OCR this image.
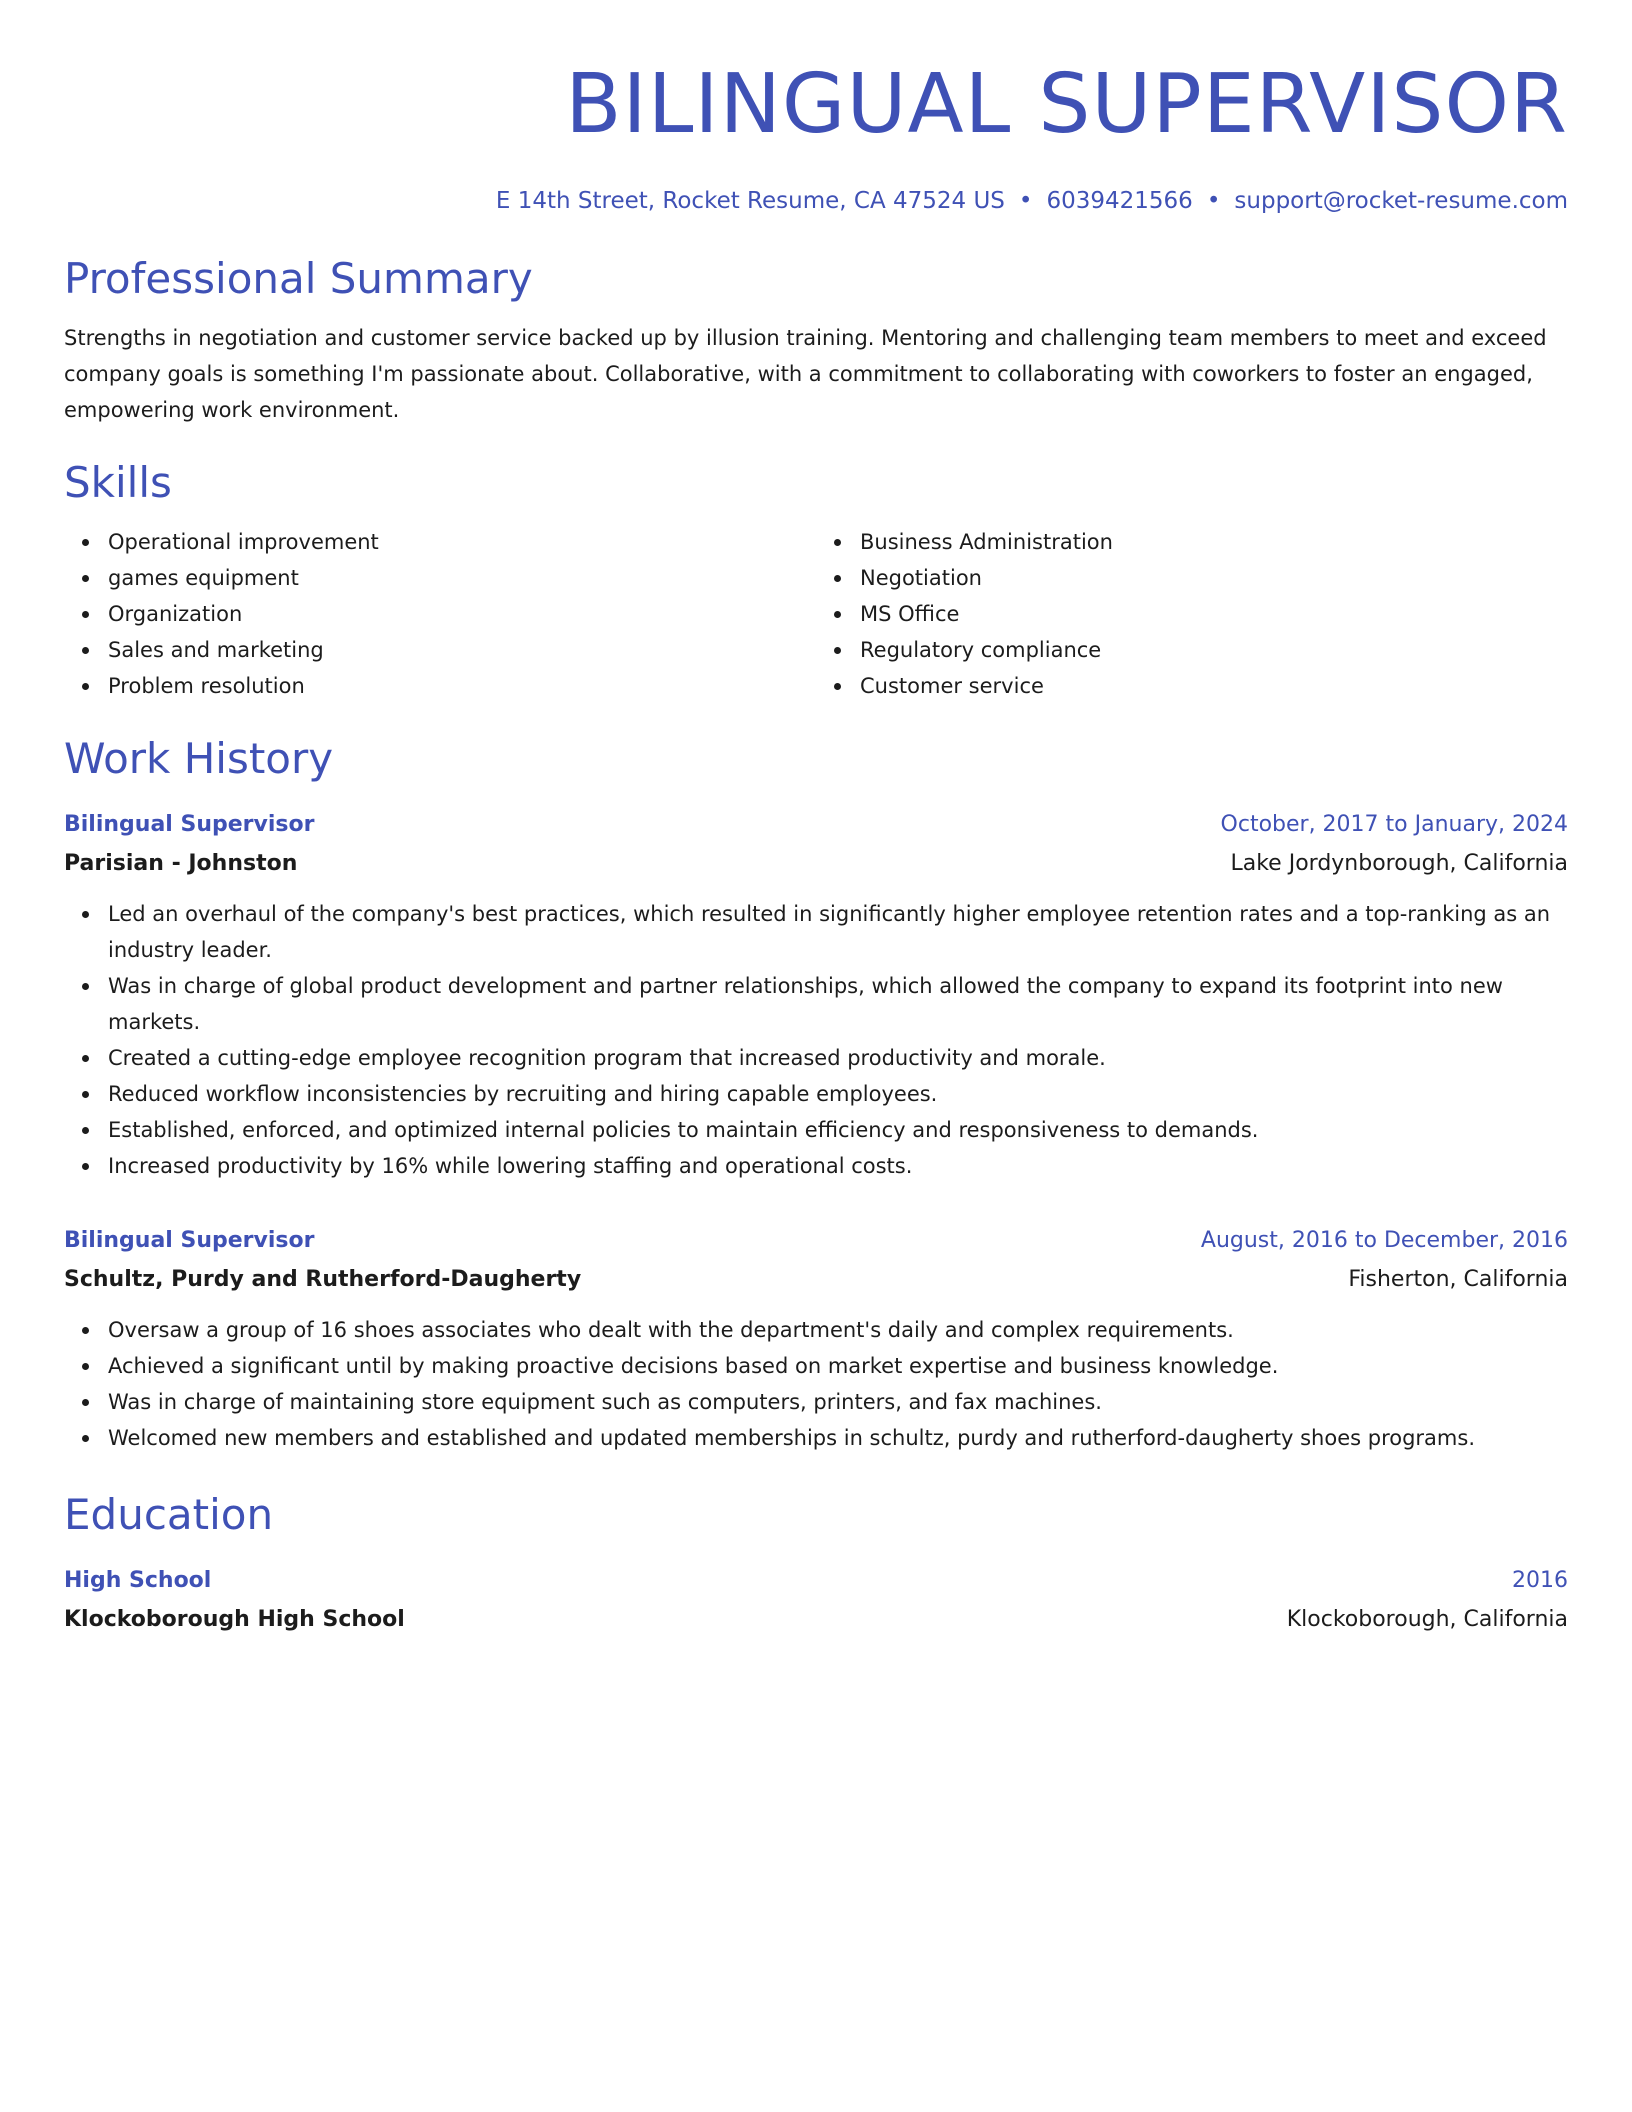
BILINGUAL SUPERVISOR
E 14th Street, Rocket Resume, CA 47524 US • 6039421566 • support@rocket-resume.com
Professional Summary
Strengths in negotiation and customer service backed up by illusion training. Mentoring and challenging team members to meet and exceed company goals is something I'm passionate about. Collaborative, with a commitment to collaborating with coworkers to foster an engaged, empowering work environment.
Skills
Operational improvement
games equipment
Organization
Sales and marketing
Problem resolution
Business Administration
Negotiation
MS Office
Regulatory compliance
Customer service
Work History
Bilingual Supervisor	October, 2017 to January, 2024
Parisian - Johnston	Lake Jordynborough, California
Led an overhaul of the company's best practices, which resulted in significantly higher employee retention rates and a top-ranking as an industry leader.
Was in charge of global product development and partner relationships, which allowed the company to expand its footprint into new markets.
Created a cutting-edge employee recognition program that increased productivity and morale.
Reduced workflow inconsistencies by recruiting and hiring capable employees.
Established, enforced, and optimized internal policies to maintain efficiency and responsiveness to demands.
Increased productivity by 16% while lowering staffing and operational costs.
Bilingual Supervisor	August, 2016 to December, 2016
Schultz, Purdy and Rutherford-Daugherty	Fisherton, California
Oversaw a group of 16 shoes associates who dealt with the department's daily and complex requirements.
Achieved a significant until by making proactive decisions based on market expertise and business knowledge.
Was in charge of maintaining store equipment such as computers, printers, and fax machines.
Welcomed new members and established and updated memberships in schultz, purdy and rutherford-daugherty shoes programs.
Education
High School	2016
Klockoborough High School	Klockoborough, California
